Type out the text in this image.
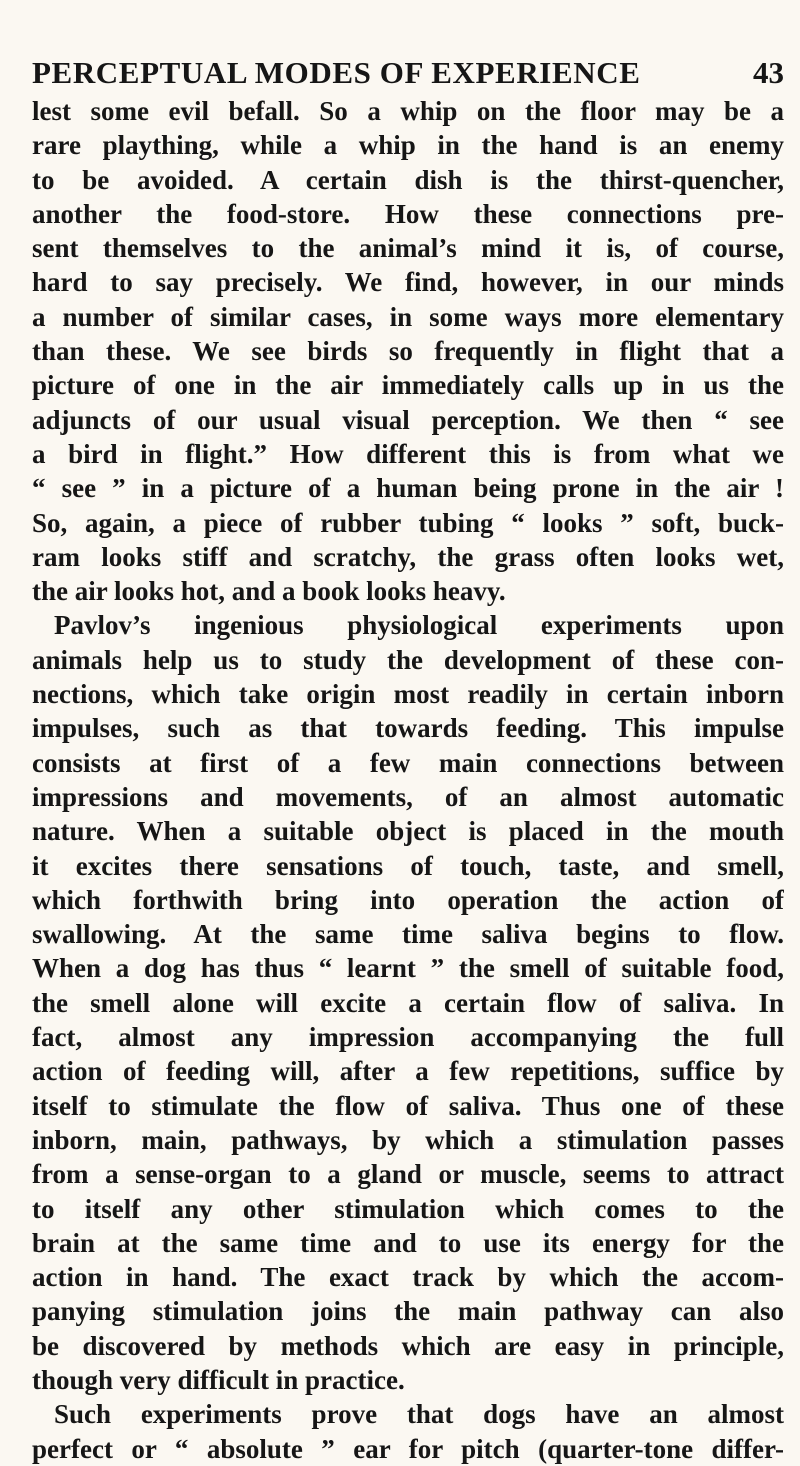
PERCEPTUAL MODES OF EXPERIENCE	43
lest some evil befall. So a whip on the floor may be a
rare plaything, while a whip in the hand is an enemy
to be avoided. A certain dish is the thirst-quencher,
another the food-store. How these connections pre-
sent themselves to the animal’s mind it is, of course,
hard to say precisely. We find, however, in our minds
a number of similar cases, in some ways more elementary
than these. We see birds so frequently in flight that a
picture of one in the air immediately calls up in us the
adjuncts of our usual visual perception. We then “ see
a bird in flight.” How different this is from what we
“ see ” in a picture of a human being prone in the air !
So, again, a piece of rubber tubing “ looks ” soft, buck-
ram looks stiff and scratchy, the grass often looks wet,
the air looks hot, and a book looks heavy.
Pavlov’s ingenious physiological experiments upon
animals help us to study the development of these con-
nections, which take origin most readily in certain inborn
impulses, such as that towards feeding. This impulse
consists at first of a few main connections between
impressions and movements, of an almost automatic
nature. When a suitable object is placed in the mouth
it excites there sensations of touch, taste, and smell,
which forthwith bring into operation the action of
swallowing. At the same time saliva begins to flow.
When a dog has thus “ learnt ” the smell of suitable food,
the smell alone will excite a certain flow of saliva. In
fact, almost any impression accompanying the full
action of feeding will, after a few repetitions, suffice by
itself to stimulate the flow of saliva. Thus one of these
inborn, main, pathways, by which a stimulation passes
from a sense-organ to a gland or muscle, seems to attract
to itself any other stimulation which comes to the
brain at the same time and to use its energy for the
action in hand. The exact track by which the accom-
panying stimulation joins the main pathway can also
be discovered by methods which are easy in principle,
though very difficult in practice.
Such experiments prove that dogs have an almost
perfect or “ absolute ” ear for pitch (quarter-tone differ-
